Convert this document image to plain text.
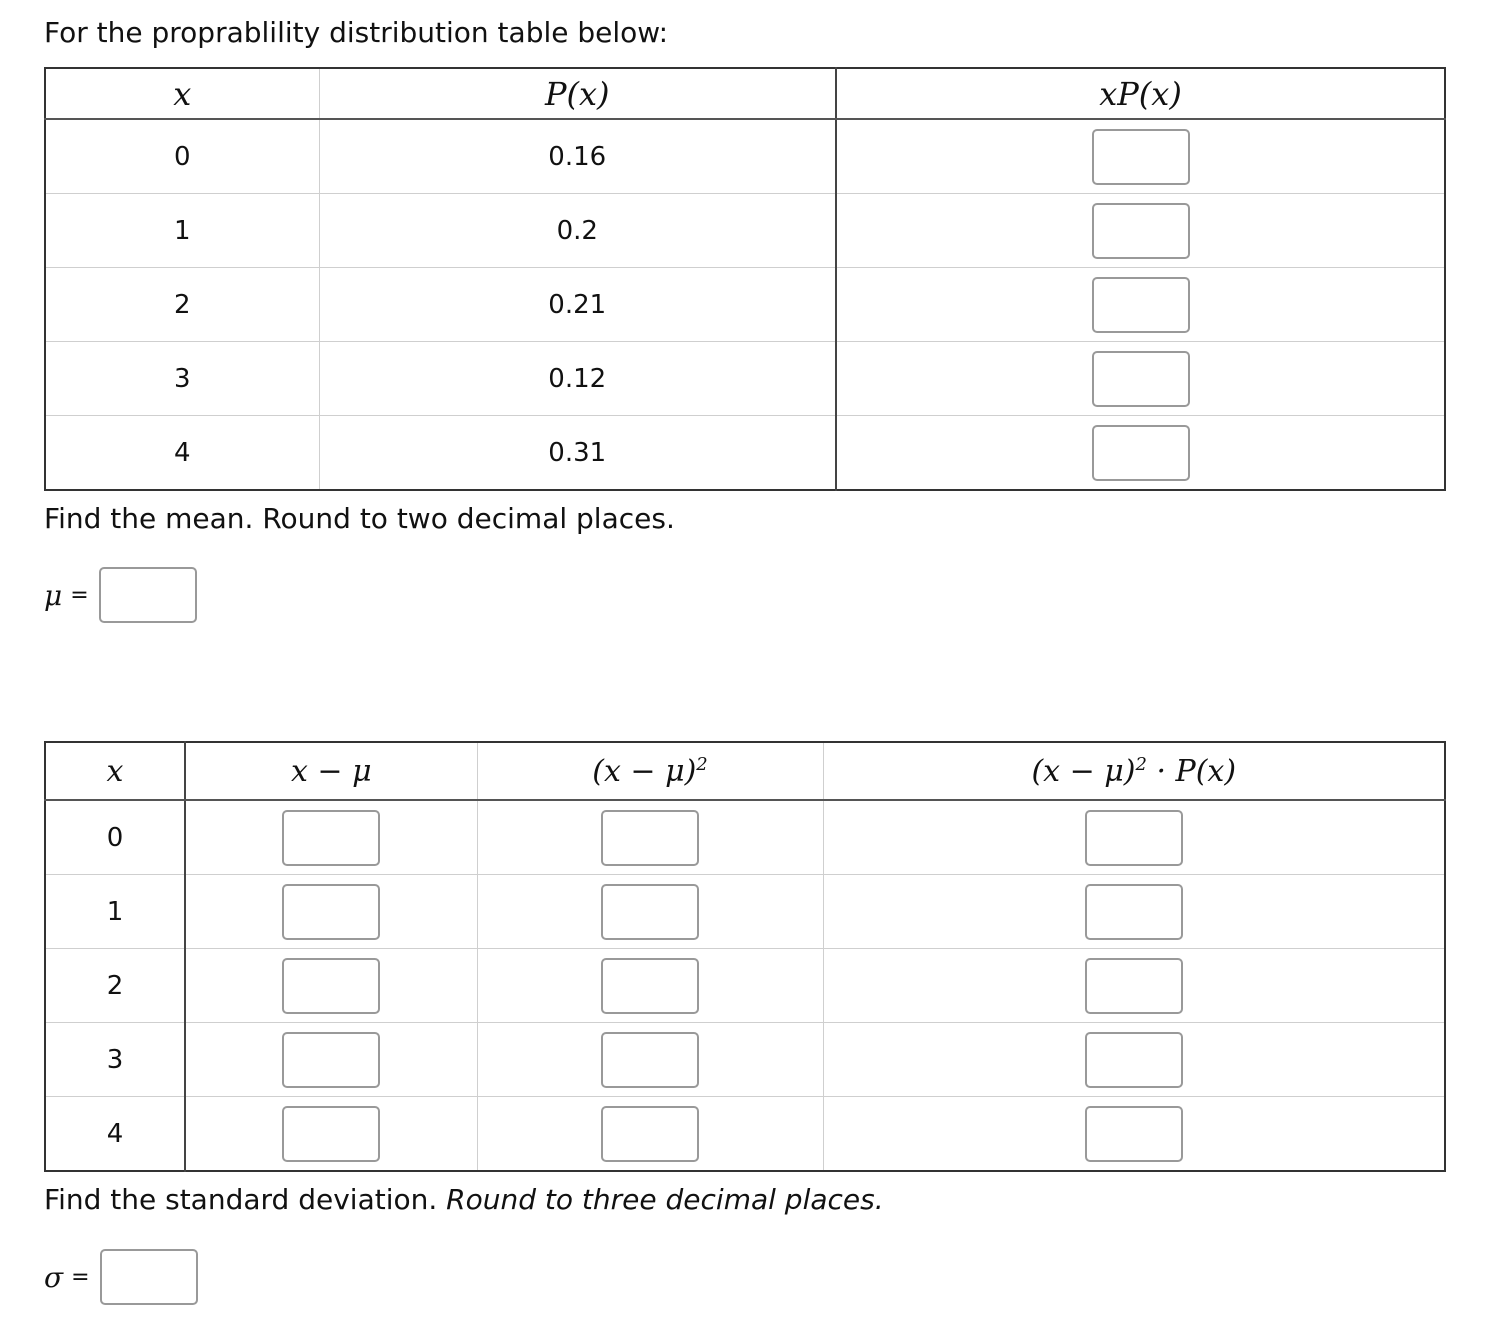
For the proprablility distribution table below:
x	P(x)	xP(x)
0	0.16	
1	0.2	
2	0.21	
3	0.12	
4	0.31	
Find the mean. Round to two decimal places.
μ =
x	x − μ	$(x - \mu)^2$	$(x - \mu)^2 \cdot P(x)$
0			
1			
2			
3			
4			
Find the standard deviation. Round to three decimal places.
σ =
